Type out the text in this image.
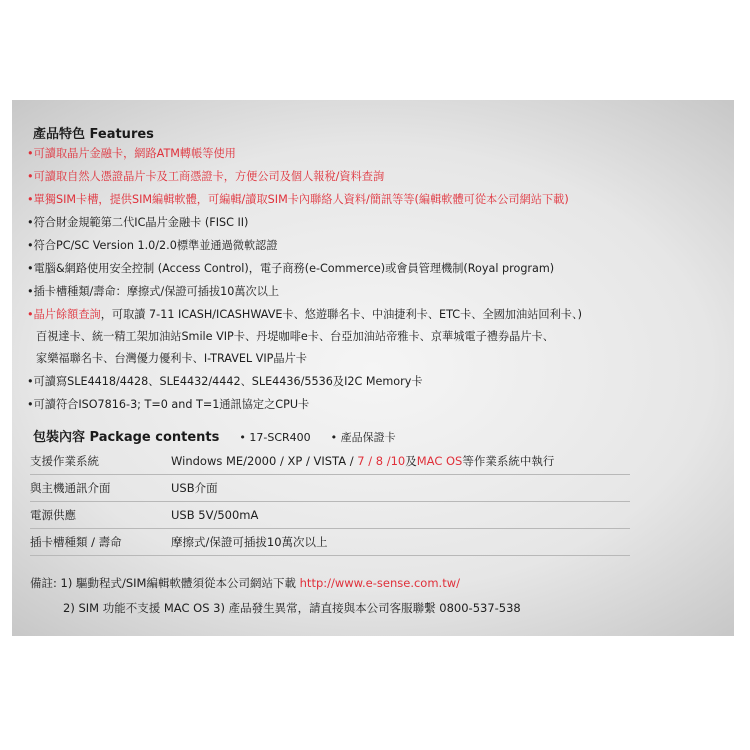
產品特色 Features
•可讀取晶片金融卡，網路ATM轉帳等使用
•可讀取自然人憑證晶片卡及工商憑證卡，方便公司及個人報稅/資料查詢
•單獨SIM卡槽，提供SIM編輯軟體，可編輯/讀取SIM卡內聯絡人資料/簡訊等等(編輯軟體可從本公司網站下載)
•符合財金規範第二代IC晶片金融卡 (FISC II)
•符合PC/SC Version 1.0/2.0標準並通過微軟認證
•電腦&網路使用安全控制 (Access Control)，電子商務(e-Commerce)或會員管理機制(Royal program)
•插卡槽種類/壽命：摩擦式/保證可插拔10萬次以上
•晶片餘額查詢，可取讀 7-11 ICASH/ICASHWAVE卡、悠遊聯名卡、中油捷利卡、ETC卡、全國加油站回利卡、)
百視達卡、統一精工架加油站Smile VIP卡、丹堤咖啡e卡、台亞加油站帝雅卡、京華城電子禮券晶片卡、
家樂福聯名卡、台灣優力優利卡、I-TRAVEL VIP晶片卡
•可讀寫SLE4418/4428、SLE4432/4442、SLE4436/5536及I2C Memory卡
•可讀符合ISO7816-3; T=0 and T=1通訊協定之CPU卡
包裝內容 Package contents • 17-SCR400 • 產品保證卡
支援作業系統	Windows ME/2000 / XP / VISTA / 7 / 8 /10及MAC OS等作業系統中執行
與主機通訊介面	USB介面
電源供應	USB 5V/500mA
插卡槽種類 / 壽命	摩擦式/保證可插拔10萬次以上
備註: 1) 驅動程式/SIM編輯軟體須從本公司網站下載 http://www.e-sense.com.tw/
2) SIM 功能不支援 MAC OS 3) 產品發生異常，請直接與本公司客服聯繫 0800-537-538
